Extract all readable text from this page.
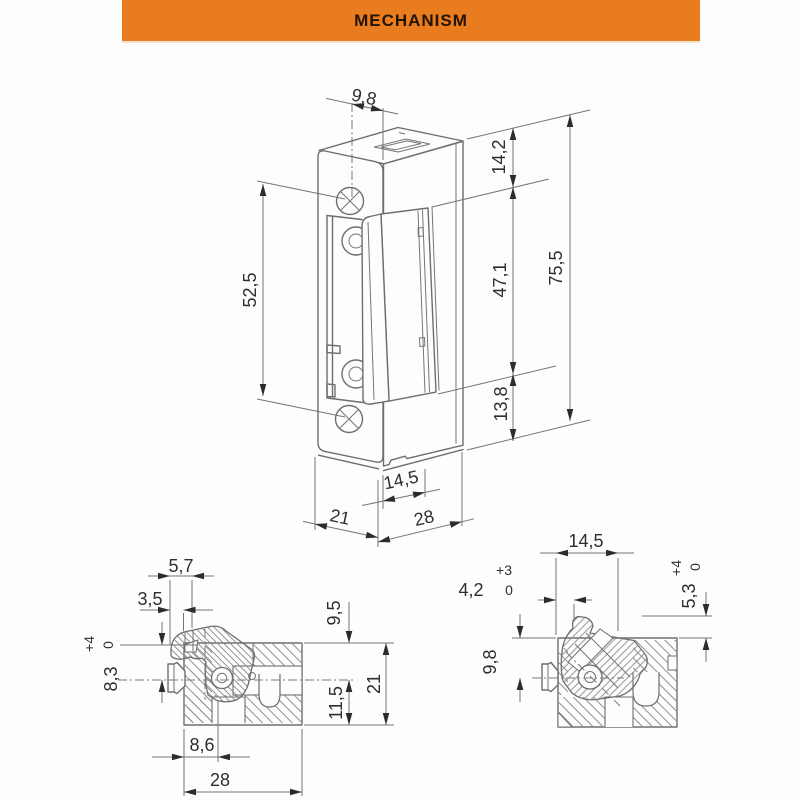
MECHANISM
9,8
52,5
14,2
47,1
13,8
75,5
14,5
21	28
5,7
3,5
+4 0
8,3
9,5
11,5
21
8,6
28
14,5
+3
0
4,2
9,8
+4 0
5,3
